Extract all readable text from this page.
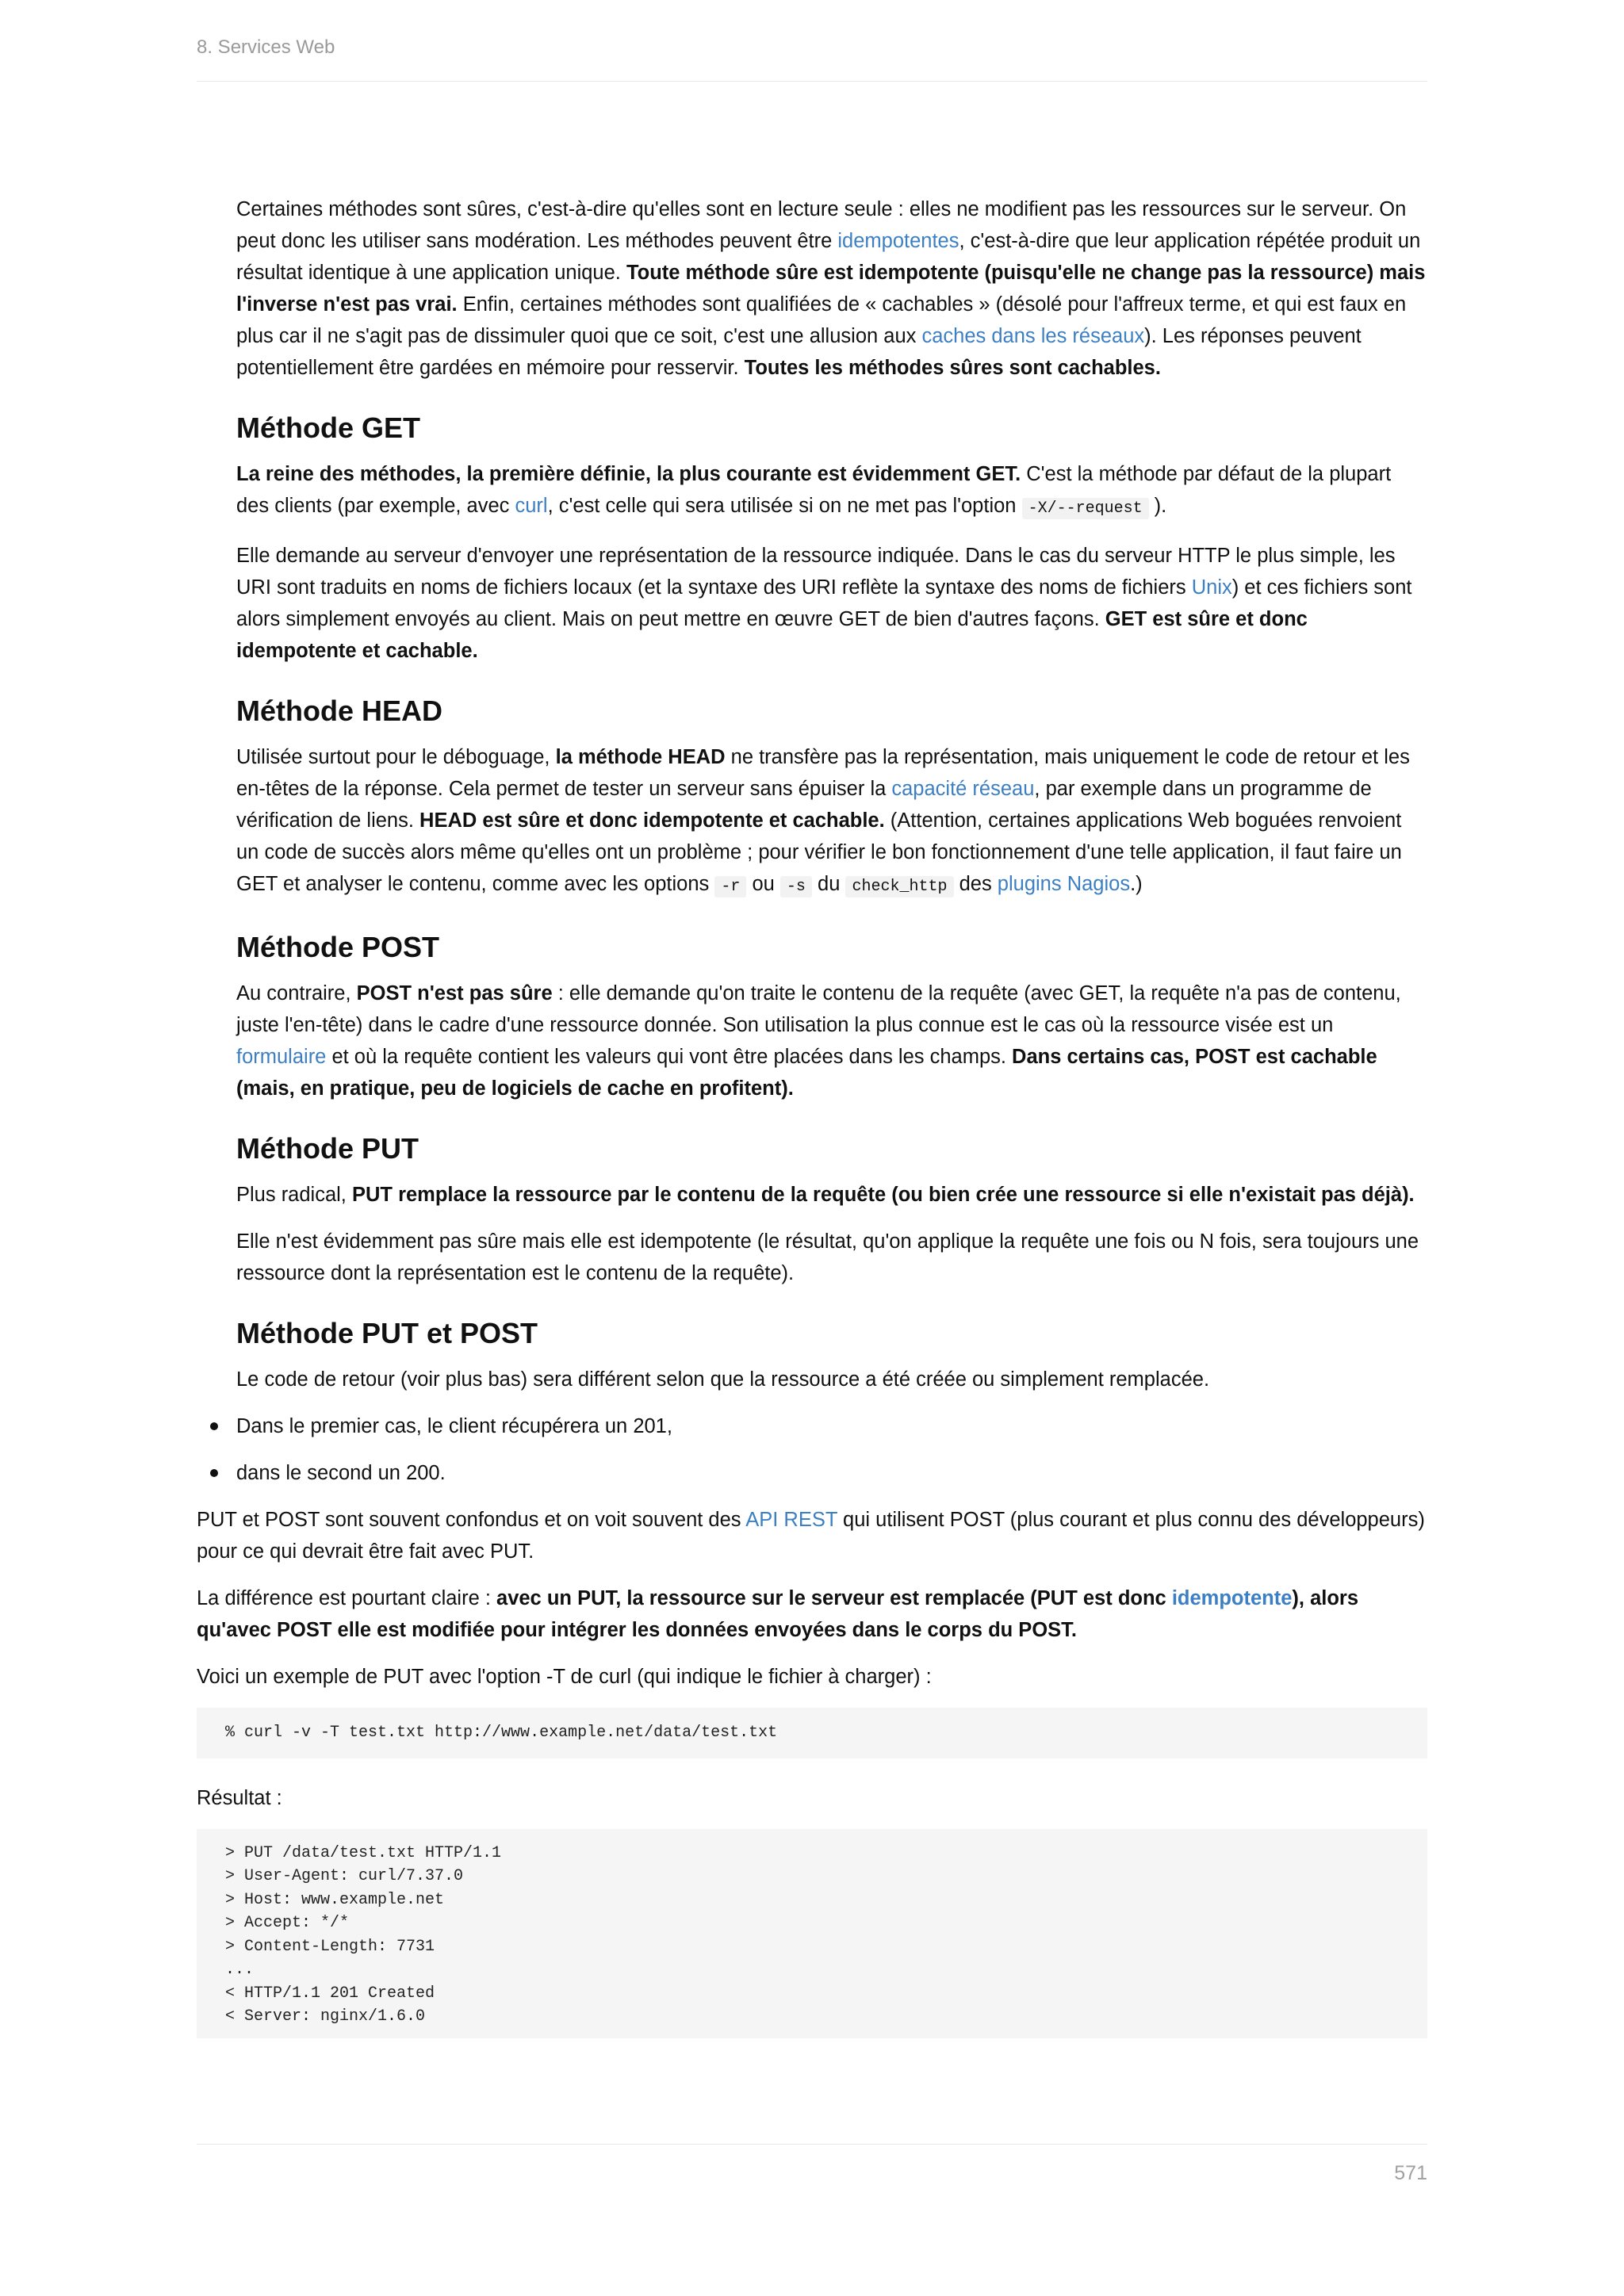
8. Services Web

Certaines méthodes sont sûres, c'est-à-dire qu'elles sont en lecture seule : elles ne modifient pas les ressources sur le serveur. On peut donc les utiliser sans modération. Les méthodes peuvent être idempotentes, c'est-à-dire que leur application répétée produit un résultat identique à une application unique. Toute méthode sûre est idempotente (puisqu'elle ne change pas la ressource) mais l'inverse n'est pas vrai. Enfin, certaines méthodes sont qualifiées de « cachables » (désolé pour l'affreux terme, et qui est faux en plus car il ne s'agit pas de dissimuler quoi que ce soit, c'est une allusion aux caches dans les réseaux). Les réponses peuvent potentiellement être gardées en mémoire pour resservir. Toutes les méthodes sûres sont cachables.

Méthode GET

La reine des méthodes, la première définie, la plus courante est évidemment GET. C'est la méthode par défaut de la plupart des clients (par exemple, avec curl, c'est celle qui sera utilisée si on ne met pas l'option -X/--request ).

Elle demande au serveur d'envoyer une représentation de la ressource indiquée. Dans le cas du serveur HTTP le plus simple, les URI sont traduits en noms de fichiers locaux (et la syntaxe des URI reflète la syntaxe des noms de fichiers Unix) et ces fichiers sont alors simplement envoyés au client. Mais on peut mettre en œuvre GET de bien d'autres façons. GET est sûre et donc idempotente et cachable.

Méthode HEAD

Utilisée surtout pour le déboguage, la méthode HEAD ne transfère pas la représentation, mais uniquement le code de retour et les en-têtes de la réponse. Cela permet de tester un serveur sans épuiser la capacité réseau, par exemple dans un programme de vérification de liens. HEAD est sûre et donc idempotente et cachable. (Attention, certaines applications Web boguées renvoient un code de succès alors même qu'elles ont un problème ; pour vérifier le bon fonctionnement d'une telle application, il faut faire un GET et analyser le contenu, comme avec les options -r ou -s du check_http des plugins Nagios.)

Méthode POST

Au contraire, POST n'est pas sûre : elle demande qu'on traite le contenu de la requête (avec GET, la requête n'a pas de contenu, juste l'en-tête) dans le cadre d'une ressource donnée. Son utilisation la plus connue est le cas où la ressource visée est un formulaire et où la requête contient les valeurs qui vont être placées dans les champs. Dans certains cas, POST est cachable (mais, en pratique, peu de logiciels de cache en profitent).

Méthode PUT

Plus radical, PUT remplace la ressource par le contenu de la requête (ou bien crée une ressource si elle n'existait pas déjà).

Elle n'est évidemment pas sûre mais elle est idempotente (le résultat, qu'on applique la requête une fois ou N fois, sera toujours une ressource dont la représentation est le contenu de la requête).

Méthode PUT et POST

Le code de retour (voir plus bas) sera différent selon que la ressource a été créée ou simplement remplacée.

Dans le premier cas, le client récupérera un 201,
dans le second un 200.

PUT et POST sont souvent confondus et on voit souvent des API REST qui utilisent POST (plus courant et plus connu des développeurs) pour ce qui devrait être fait avec PUT.

La différence est pourtant claire : avec un PUT, la ressource sur le serveur est remplacée (PUT est donc idempotente), alors qu'avec POST elle est modifiée pour intégrer les données envoyées dans le corps du POST.

Voici un exemple de PUT avec l'option -T de curl (qui indique le fichier à charger) :

% curl -v -T test.txt http://www.example.net/data/test.txt

Résultat :

> PUT /data/test.txt HTTP/1.1
> User-Agent: curl/7.37.0
> Host: www.example.net
> Accept: */*
> Content-Length: 7731
...
< HTTP/1.1 201 Created
< Server: nginx/1.6.0
571
